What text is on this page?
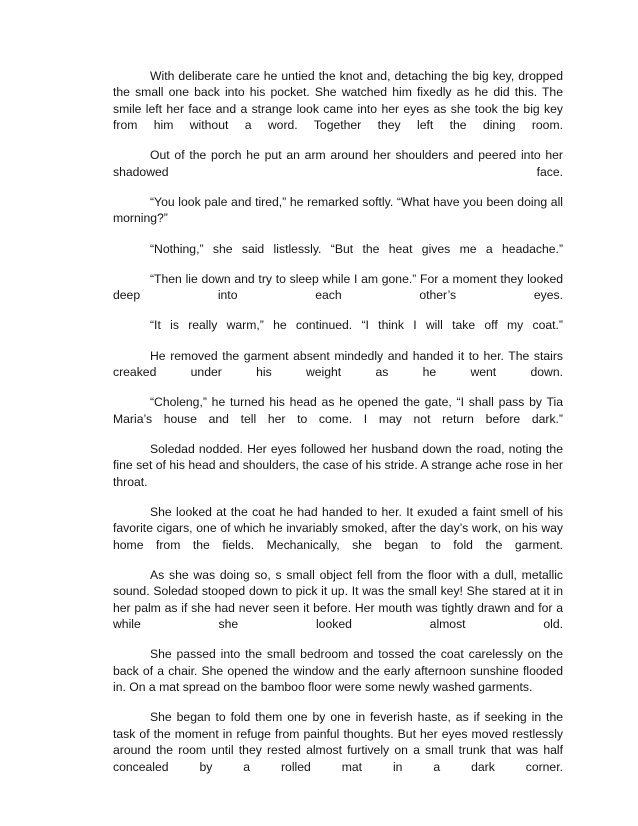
With deliberate care he untied the knot and, detaching the big key, dropped the small one back into his pocket. She watched him fixedly as he did this. The smile left her face and a strange look came into her eyes as she took the big key from him without a word. Together they left the dining room.

Out of the porch he put an arm around her shoulders and peered into her shadowed face.

“You look pale and tired,” he remarked softly. “What have you been doing all morning?”

“Nothing,” she said listlessly. “But the heat gives me a headache.”

“Then lie down and try to sleep while I am gone.” For a moment they looked deep into each other’s eyes.

“It is really warm,” he continued. “I think I will take off my coat.”

He removed the garment absent mindedly and handed it to her. The stairs creaked under his weight as he went down.

“Choleng,” he turned his head as he opened the gate, “I shall pass by Tia Maria’s house and tell her to come. I may not return before dark.”

Soledad nodded. Her eyes followed her husband down the road, noting the fine set of his head and shoulders, the case of his stride. A strange ache rose in her throat.

She looked at the coat he had handed to her. It exuded a faint smell of his favorite cigars, one of which he invariably smoked, after the day’s work, on his way home from the fields. Mechanically, she began to fold the garment.

As she was doing so, s small object fell from the floor with a dull, metallic sound. Soledad stooped down to pick it up. It was the small key! She stared at it in her palm as if she had never seen it before. Her mouth was tightly drawn and for a while she looked almost old.

She passed into the small bedroom and tossed the coat carelessly on the back of a chair. She opened the window and the early afternoon sunshine flooded in. On a mat spread on the bamboo floor were some newly washed garments.

She began to fold them one by one in feverish haste, as if seeking in the task of the moment in refuge from painful thoughts. But her eyes moved restlessly around the room until they rested almost furtively on a small trunk that was half concealed by a rolled mat in a dark corner.
